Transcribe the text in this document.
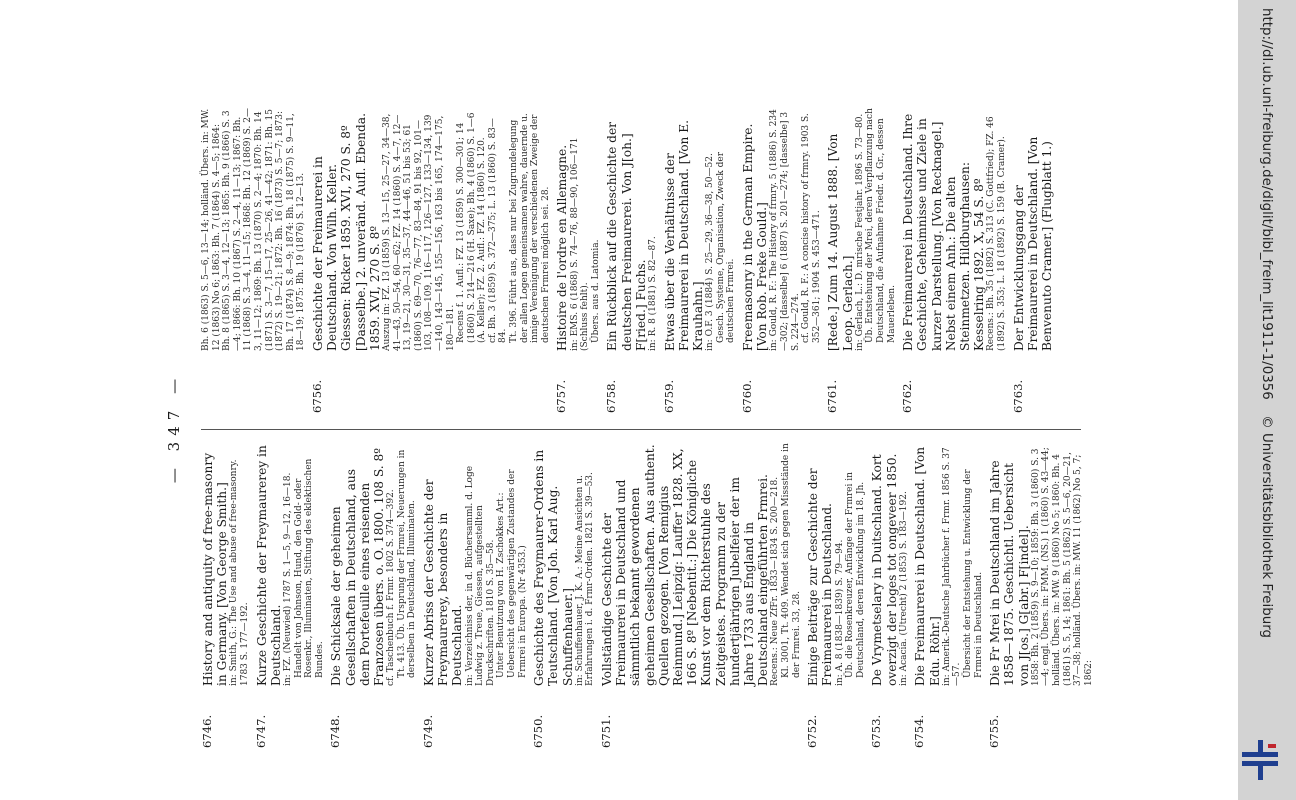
— 347 —
6746.
History and antiquity of free-masonry in Germany. [Von George Smith.] in: Smith, G.: The Use and abuse of free-masonry. 1783 S. 177—192.
6747.
Kurze Geschichte der Freymaurerey in Deutschland. in: FZ. (Neuwied) 1787 S. 1—5, 9—12, 16—18. Handelt von Johnson, Hund, den Gold- oder Rosenkr., Illuminaten, Stiftung des eklektischen Bundes.
6748.
Die Schicksale der geheimen Gesellschaften in Deutschland, aus dem Portefeuille eines reisenden Franzosen übers. o. O. 1800. 108 S. 8º cf. Taschenbuch f. Frmr. 1802 S. 374—392. Tt. 413. Üb. Ursprung der Frmrei, Neuerungen in derselben in Deutschland, Illuminaten.
6749.
Kurzer Abriss der Geschichte der Freymaurerey, besonders in Deutschland. in: Verzeichniss der, in d. Büchersamml. d. Loge Ludwig z. Treue, Giessen, aufgestellten Druckschriften. 1810 S. 35—58. Unter Benutzung von H. Zschokkes Art.: Uebersicht des gegenwärtigen Zustandes der Frmrei in Europa. (Nr 4353.)
6750.
Geschichte des Freymaurer-Ordens in Teutschland. [Von Joh. Karl Aug. Schuffenhauer.] in: Schuffenhauer, J. K. A.: Meine Ansichten u. Erfahrungen i. d. Frmr-Orden. 1821 S. 39—53.
6751.
Vollständige Geschichte der Freimaurerei in Deutschland und sämmtlich bekannt gewordenen geheimen Gesellschaften. Aus authent. Quellen gezogen. [Von Remigius Reinmund.] Leipzig: Lauffer 1828. XX, 166 S. 8º [Nebentit.:] Die Königliche Kunst vor dem Richterstuhle des Zeitgeistes. Programm zu der hundertjährigen Jubelfeier der im Jahre 1733 aus England in Deutschland eingeführten Frmrei. Recens.: Neue ZfFr. 1833—1834 S. 200—218. Kl. 3001, Tt. 409. Wendet sich gegen Missstände in der Frmrei. 33, 28.
6752.
Einige Beiträge zur Geschichte der Freimaurerei in Deutschland. in: A. 8 (1838—1839) S. 79—94. Üb. die Rosenkreuzer, Anfänge der Frmrei in Deutschland, deren Entwicklung im 18. Jh.
6753.
De Vrymetselary in Duitschland. Kort overzigt der loges tot ongeveer 1850. in: Acacia. (Utrecht) 2 (1853) S. 183—192.
6754.
Die Freimaurerei in Deutschland. [Von Edu. Röhr.] in: Amerik.-Deutsche Jahrbücher f. Frmr. 1856 S. 37—57. Übersicht der Entstehung u. Entwicklung der Frmrei in Deutschland.
6755.
Die Fr Mrei in Deutschland im Jahre 1858—1875. Geschichtl. Uebersicht von J[os.] G[abr.] F[indel]. 1858: Bh. 2 (1859) S. 9—10; 1859: Bh. 3 (1860) S. 3—4; engl. Übers. in: FMM. (NS.) 1 (1860) S. 43—44; holländ. Übers. in: MW. 9 (1860) No 5; 1860: Bh. 4 (1861) S. 5, 14; 1861: Bh. 5 (1862) S. 5—6, 20—21, 37—38; holländ. Übers. in: MW. 11 (1862) No 5, 7; 1862:
Bh. 6 (1863) S. 5—6, 13—14; holländ. Übers. in: MW. 12 (1863) No 6; 1863: Bh. 7 (1864) S. 4—5; 1864: Bh. 8 (1865) S. 3—4, 12—13; 1865: Bh. 9 (1866) S. 3—4; 1866: Bh. 10 (1867) S. 2—4, 11—13; 1867: Bh. 11 (1868) S. 3—4, 11—15; 1868: Bh. 12 (1869) S. 2—3, 11—12; 1869: Bh. 13 (1870) S. 2—4; 1870: Bh. 14 (1871) S. 3—7, 15—17, 25—26, 41—42; 1871: Bh. 15 (1872) S. 19—21; 1872: Bh. 16 (1873) S. 5—7; 1873: Bh. 17 (1874) S. 8—9; 1874: Bh. 18 (1875) S. 9—11, 18—19; 1875: Bh. 19 (1876) S. 12—13.
6756.
Geschichte der Freimaurerei in Deutschland. Von Wilh. Keller. Giessen: Ricker 1859. XVI, 270 S. 8º [Dasselbe.] 2. unveränd. Aufl. Ebenda. 1859. XVI, 270 S. 8º Auszug in: FZ. 13 (1859) S. 13—15, 25—27, 34—38, 41—43, 50—54, 60—62; FZ. 14 (1860) S. 4—7, 12—13, 19—21, 30—31, 35—37, 44—46, 51 bis 53; 61 (1860) S. 69—70, 76—77, 83—84, 91 bis 92, 101—103, 108—109, 116—117, 126—127, 133—134, 139—140, 143—145, 155—156, 163 bis 165, 174—175, 180—181. Recens f. 1. Aufl.: FZ. 13 (1859) S. 300—301; 14 (1860) S. 214—216 (H. Saxe); Bh. 4 (1860) S. 1—6 (A. Keller); FZ. 2. Aufl.: FZ. 14 (1860) S. 120. cf. Bh. 3 (1859) S. 372—375; L. 13 (1860) S. 83—84. Tt. 396. Führt aus, dass nur bei Zugrundelegung der allen Logen gemeinsamen wahre, dauernde u. innige Vereinigung der verschiedenen Zweige der deutschen Frmrei möglich sei. 28.
6757.
Histoire de l'ordre en Allemagne. in: EMS. 6 (1868) S. 74—76, 88—90, 106—171 (Schluss fehlt). Übers. aus d. Latomia.
6758.
Ein Rückblick auf die Geschichte der deutschen Freimaurerei. Von J[oh.] F[ried.] Fuchs. in: R. 8 (1881) S. 82—87.
6759.
Etwas über die Verhältnisse der Freimaurerei in Deutschland. [Von E. Krauhahn.] in: O.F. 3 (1884) S. 25—29, 36—38, 50—52. Gesch. Systeme, Organisation, Zweck der deutschen Frmrei.
6760.
Freemasonry in the German Empire. [Von Rob. Freke Gould.] in: Gould, R. F.: The History of frmry. 5 (1886) S. 234—302; [dasselbe] 6 (1887) S. 201—274; [dasselbe] 3 S. 224—274. cf. Gould, R. F.: A concise history of frmry. 1903 S. 352—361; 1904 S. 453—471.
6761.
[Rede.] Zum 14. August 1888. [Von Leop. Gerlach.] in: Gerlach, L.: D. mrische Festjahr. 1896 S. 73—80. Üb. Entstehung der Mrei, deren Verpflanzung nach Deutschland, die Aufnahme Friedr. d. Gr., dessen Mauerleben.
6762.
Die Freimaurerei in Deutschland. Ihre Geschichte, Geheimnisse und Ziele in kurzer Darstellung. [Von Recknagel.] Nebst einem Anh.: Die alten Steinmetzen. Hildburghausen: Kesselring 1892. X, 54 S. 8º Recens.: Bh. 35 (1892) S. 313 (C. Gottfried); FZ. 46 (1892) S. 353; L. 18 (1892) S. 159 (B. Cramer).
6763.
Der Entwicklungsgang der Freimaurerei in Deutschland. [Von Benvenuto Cramer.] (Flugblatt 1.)	http://dl.ub.uni-freiburg.de/diglit/bibl_freim_lit1911-1/0356
© Universitätsbibliothek Freiburg
